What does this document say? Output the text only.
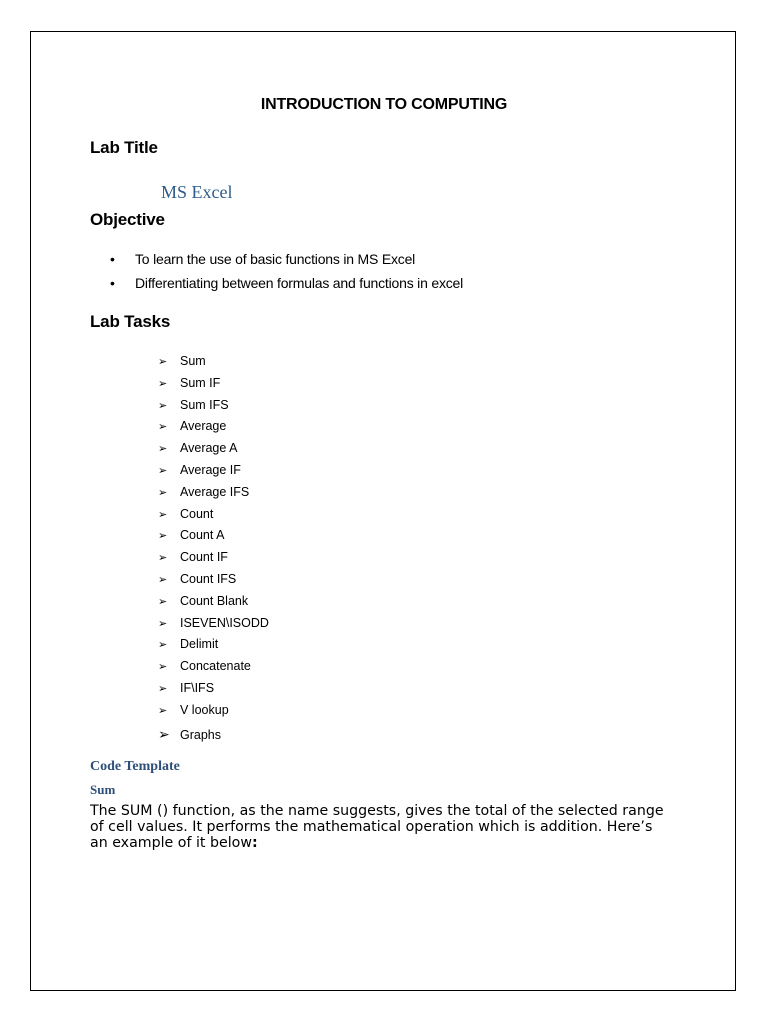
INTRODUCTION TO COMPUTING
Lab Title
MS Excel
Objective
• To learn the use of basic functions in MS Excel
• Differentiating between formulas and functions in excel
Lab Tasks
➢ Sum
➢ Sum IF
➢ Sum IFS
➢ Average
➢ Average A
➢ Average IF
➢ Average IFS
➢ Count
➢ Count A
➢ Count IF
➢ Count IFS
➢ Count Blank
➢ ISEVEN\ISODD
➢ Delimit
➢ Concatenate
➢ IF\IFS
➢ V lookup
➢ Graphs
Code Template
Sum

The SUM () function, as the name suggests, gives the total of the selected range of cell values. It performs the mathematical operation which is addition. Here’s an example of it below:
